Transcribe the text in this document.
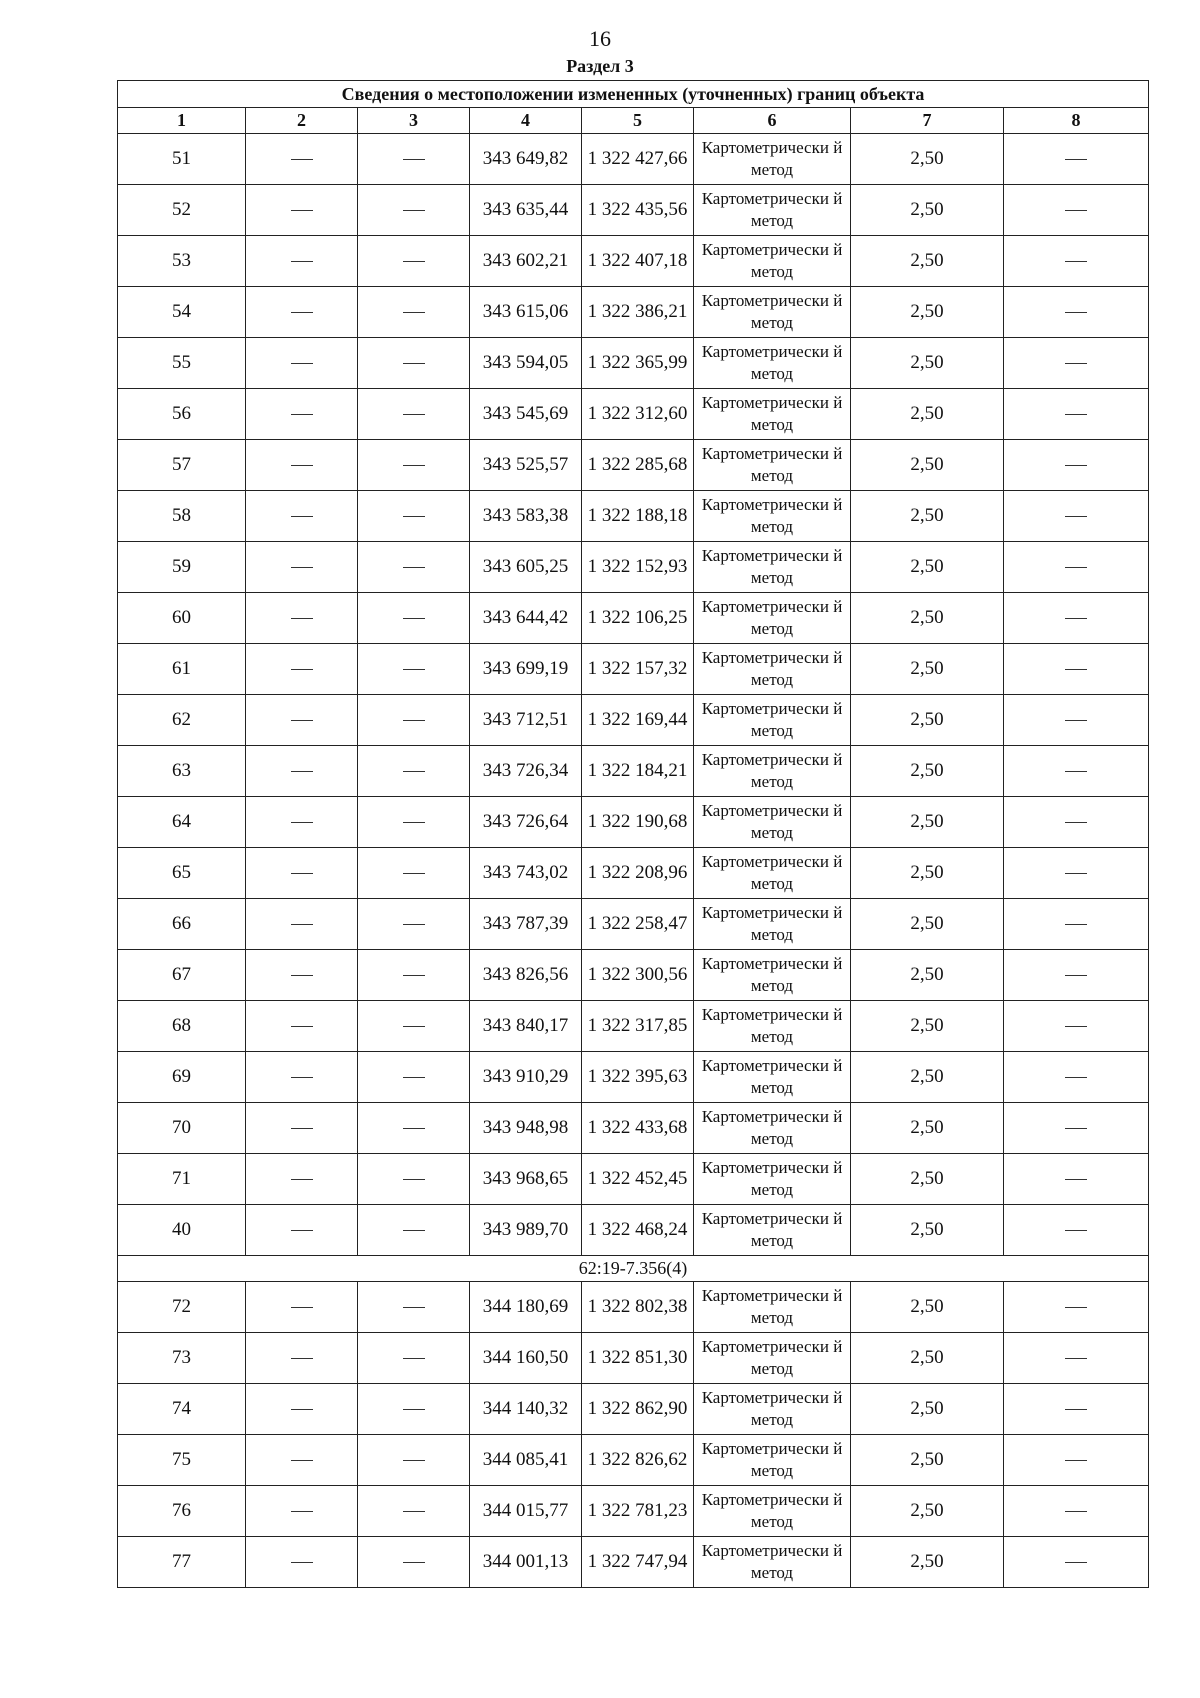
16
Раздел 3
Сведения о местоположении измененных (уточненных) границ объекта							
1	2	3	4	5	6	7	8
51			343 649,82	1 322 427,66	Картометрически й метод	2,50	
52			343 635,44	1 322 435,56	Картометрически й метод	2,50	
53			343 602,21	1 322 407,18	Картометрически й метод	2,50	
54			343 615,06	1 322 386,21	Картометрически й метод	2,50	
55			343 594,05	1 322 365,99	Картометрически й метод	2,50	
56			343 545,69	1 322 312,60	Картометрически й метод	2,50	
57			343 525,57	1 322 285,68	Картометрически й метод	2,50	
58			343 583,38	1 322 188,18	Картометрически й метод	2,50	
59			343 605,25	1 322 152,93	Картометрически й метод	2,50	
60			343 644,42	1 322 106,25	Картометрически й метод	2,50	
61			343 699,19	1 322 157,32	Картометрически й метод	2,50	
62			343 712,51	1 322 169,44	Картометрически й метод	2,50	
63			343 726,34	1 322 184,21	Картометрически й метод	2,50	
64			343 726,64	1 322 190,68	Картометрически й метод	2,50	
65			343 743,02	1 322 208,96	Картометрически й метод	2,50	
66			343 787,39	1 322 258,47	Картометрически й метод	2,50	
67			343 826,56	1 322 300,56	Картометрически й метод	2,50	
68			343 840,17	1 322 317,85	Картометрически й метод	2,50	
69			343 910,29	1 322 395,63	Картометрически й метод	2,50	
70			343 948,98	1 322 433,68	Картометрически й метод	2,50	
71			343 968,65	1 322 452,45	Картометрически й метод	2,50	
40			343 989,70	1 322 468,24	Картометрически й метод	2,50	
62:19-7.356(4)							
72			344 180,69	1 322 802,38	Картометрически й метод	2,50	
73			344 160,50	1 322 851,30	Картометрически й метод	2,50	
74			344 140,32	1 322 862,90	Картометрически й метод	2,50	
75			344 085,41	1 322 826,62	Картометрически й метод	2,50	
76			344 015,77	1 322 781,23	Картометрически й метод	2,50	
77			344 001,13	1 322 747,94	Картометрически й метод	2,50	
